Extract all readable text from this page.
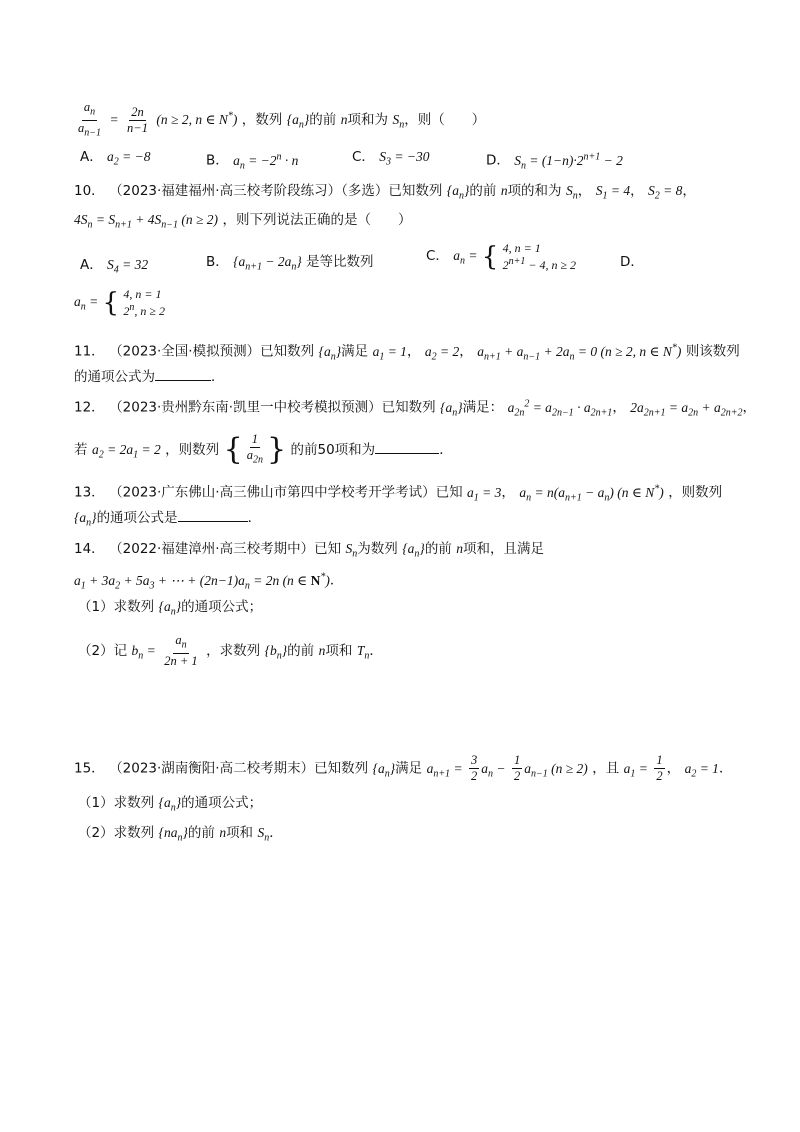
$\frac{a_n}{a_{n-1}} = \frac{2n}{n-1} (n \ge 2$, n ∈ N*) ，数列 $\{a_n\}$的前 n项和为 $S_n$，则（　　）
A． $a_2 = -8$	B． $a_n = -2^n \cdot n$	C． $S_3 = -30$	D． $S_n = (1-n)\cdot 2^{n+1} - 2$
10． （2023·福建福州·高三校考阶段练习）（多选）已知数列 $\{a_n\}$的前 n项的和为 $S_n$， $S_1 = 4$， $S_2 = 8$，
$4S_n = S_{n+1} + 4S_{n-1}$ (n ≥ 2) ，则下列说法正确的是（　　）
A． $S_4 = 32$	B． $\{a_{n+1} - 2a_n\}$ 是等比数列	C． $a_n$ = { 4, n = 1
$2^{n+1} - 4$, n ≥ 2	D．
$a_n$ = { 4, n = 1
2$^n$, n ≥ 2
11． （2023·全国·模拟预测）已知数列 $\{a_n\}$满足 $a_1 = 1$， $a_2 = 2$， $a_{n+1} + a_{n-1} + 2a_n = 0$ (n ≥ 2, n ∈ N*) 则该数列
的通项公式为	．
12． （2023·贵州黔东南·凯里一中校考模拟预测）已知数列 $\{a_n\}$满足： $a_{2n}^2 = a_{2n-1} \cdot a_{2n+1}$， $2a_{2n+1} = a_{2n} + a_{2n+2}$，
若 $a_2 = 2a_1 = 2$ ，则数列 { $\frac{1}{a_{2n}}$ } 的前50项和为	．
13． （2023·广东佛山·高三佛山市第四中学校考开学考试）已知 $a_1 = 3$， $a_n = n(a_{n+1} - a_n)$ (n ∈ N*) ，则数列
$\{a_n\}$的通项公式是	．
14． （2022·福建漳州·高三校考期中）已知 $S_n$为数列 $\{a_n\}$的前 n项和，且满足
$a_1 + 3a_2 + 5a_3$ + ⋯ + $(2n-1)a_n = 2n$ (n ∈ N*)．
（1）求数列 $\{a_n\}$的通项公式；
（2）记 $b_n = \frac{a_n}{2n + 1}$ ，求数列 $\{b_n\}$的前 n项和 $T_n$．
15． （2023·湖南衡阳·高二校考期末）已知数列 $\{a_n\}$满足 $a_{n+1} = \frac{3}{2} a_n - \frac{1}{2} a_{n-1}$ (n ≥ 2) ，且 $a_1 = \frac{1}{2}$ ， $a_2 = 1$．
（1）求数列 $\{a_n\}$的通项公式；
（2）求数列 $\{na_n\}$的前 n项和 $S_n$．
